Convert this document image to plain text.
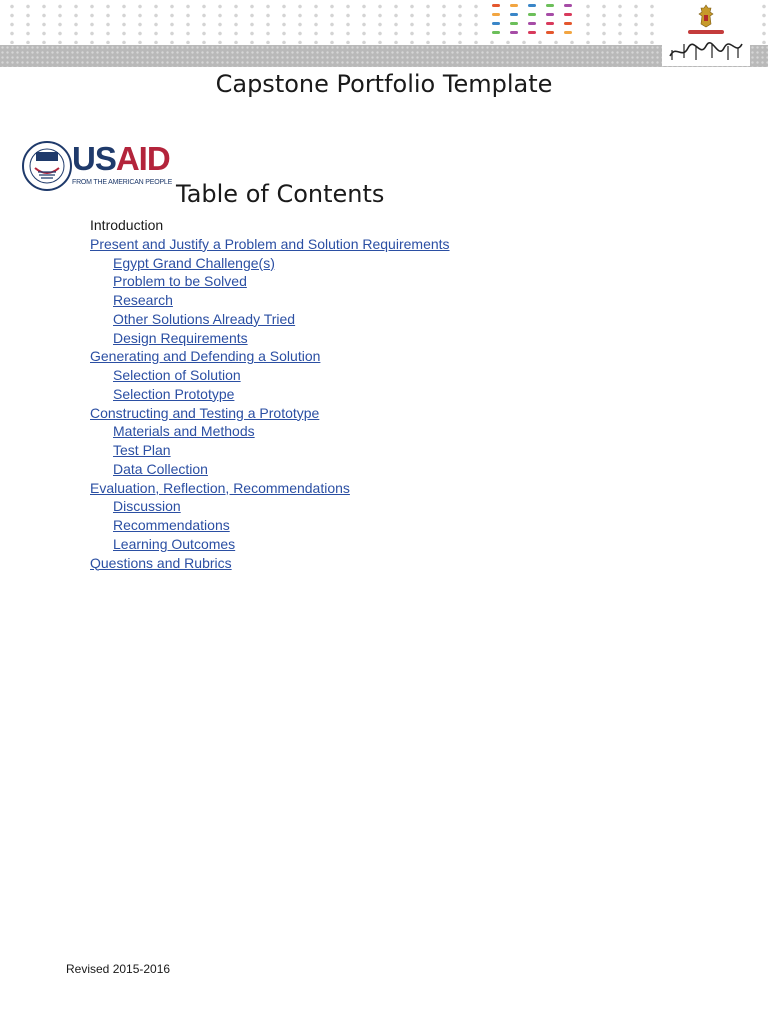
Capstone Portfolio Template
USAID
FROM THE AMERICAN PEOPLE Table of Contents
Introduction
Present and Justify a Problem and Solution Requirements
Egypt Grand Challenge(s)
Problem to be Solved
Research
Other Solutions Already Tried
Design Requirements
Generating and Defending a Solution
Selection of Solution
Selection Prototype
Constructing and Testing a Prototype
Materials and Methods
Test Plan
Data Collection
Evaluation, Reflection, Recommendations
Discussion
Recommendations
Learning Outcomes
Questions and Rubrics
Revised 2015-2016
